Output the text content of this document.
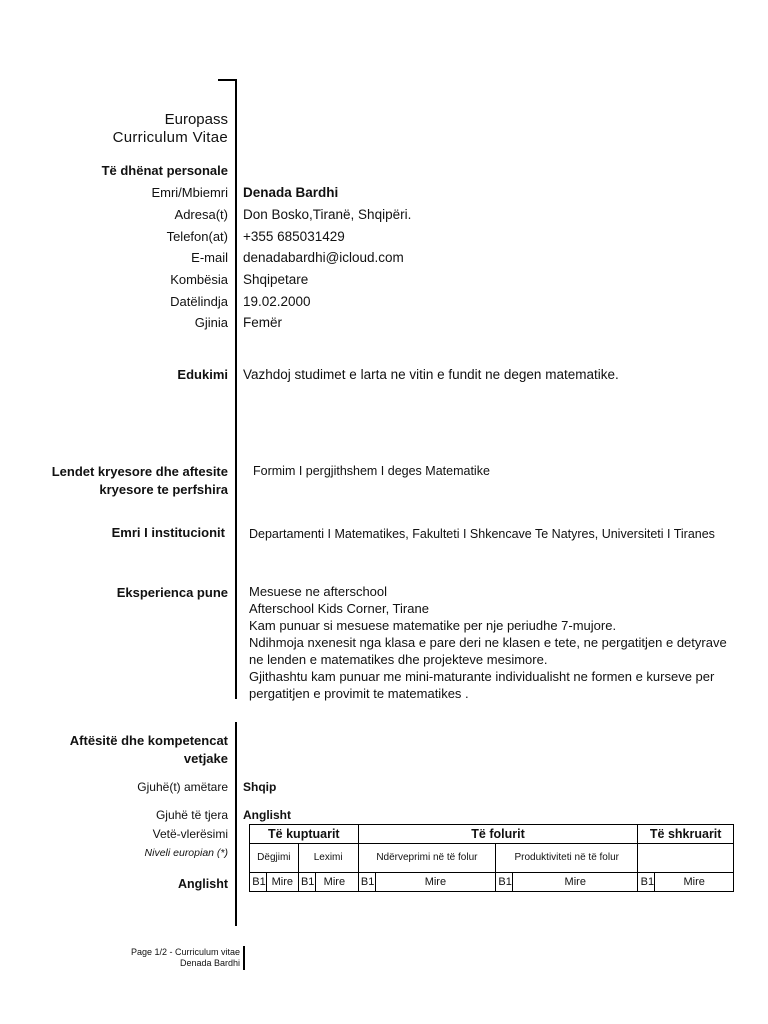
Europass
Curriculum Vitae
Të dhënat personale
Emri/Mbiemri Denada Bardhi
Adresa(t) Don Bosko,Tiranë, Shqipëri.
Telefon(at) +355 685031429
E-mail denadabardhi@icloud.com
Kombësia Shqipetare
Datëlindja 19.02.2000
Gjinia Femër
Edukimi Vazhdoj studimet e larta ne vitin e fundit ne degen matematike.
Lendet kryesore dhe aftesite
kryesore te perfshira
Formim I pergjithshem I deges Matematike
Emri I institucionit Departamenti I Matematikes, Fakulteti I Shkencave Te Natyres, Universiteti I Tiranes
Eksperienca pune Mesuese ne afterschool
Afterschool Kids Corner, Tirane
Kam punuar si mesuese matematike per nje periudhe 7-mujore.
Ndihmoja nxenesit nga klasa e pare deri ne klasen e tete, ne pergatitjen e detyrave
ne lenden e matematikes dhe projekteve mesimore.
Gjithashtu kam punuar me mini-maturante individualisht ne formen e kurseve per
pergatitjen e provimit te matematikes .
Aftësitë dhe kompetencat
vetjake
Gjuhë(t) amëtare Shqip
Gjuhë të tjera Anglisht
Vetë-vlerësimi
Niveli europian (*)
Anglisht
Të kuptuarit				Të folurit				Të shkruarit	
Dëgjimi		Leximi		Ndërveprimi në të folur		Produktiviteti në të folur			
B1	Mire	B1	Mire	B1	Mire	B1	Mire	B1	Mire
Page 1/2 - Curriculum vitae
Denada Bardhi
